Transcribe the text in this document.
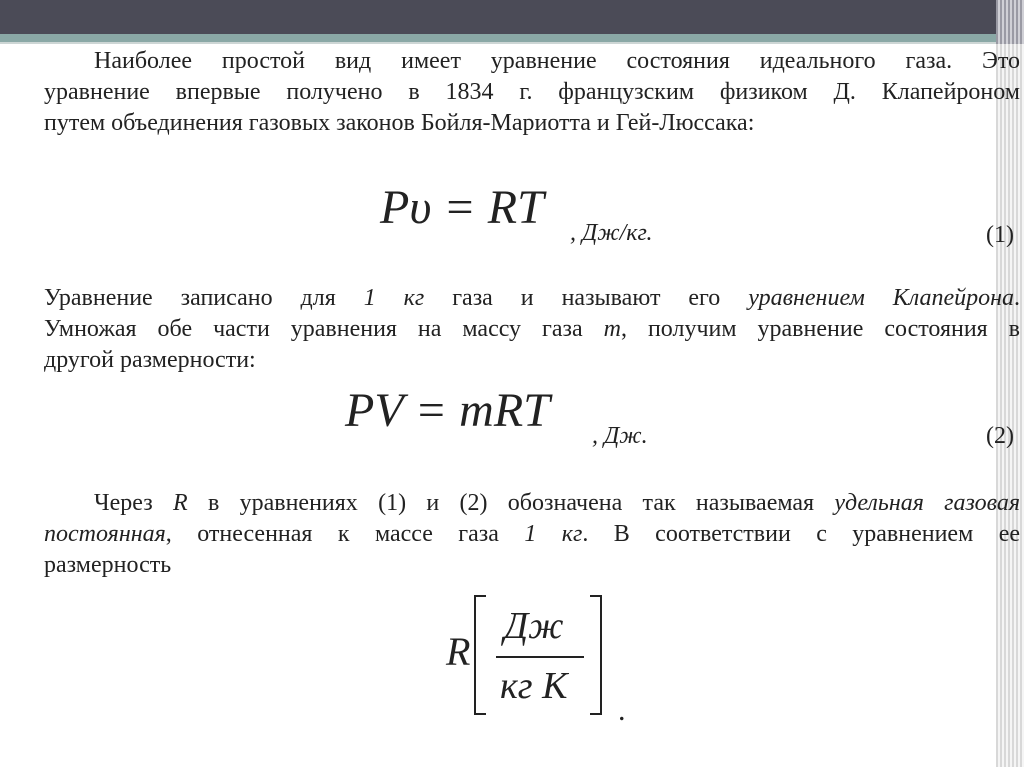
Наиболее простой вид имеет уравнение состояния идеального газа. Это
уравнение впервые получено в 1834 г. французским физиком Д. Клапейроном
путем объединения газовых законов Бойля-Мариотта и Гей-Люссака:
Pυ = RT , Дж/кг.	(1)
Уравнение записано для 1 кг газа и называют его уравнением Клапейрона.
Умножая обе части уравнения на массу газа m, получим уравнение состояния в
другой размерности:
PV = mRT , Дж.	(2)
Через R в уравнениях (1) и (2) обозначена так называемая удельная газовая
постоянная, отнесенная к массе газа 1 кг. В соответствии с уравнением ее
размерность
R
Дж
кг К
.
